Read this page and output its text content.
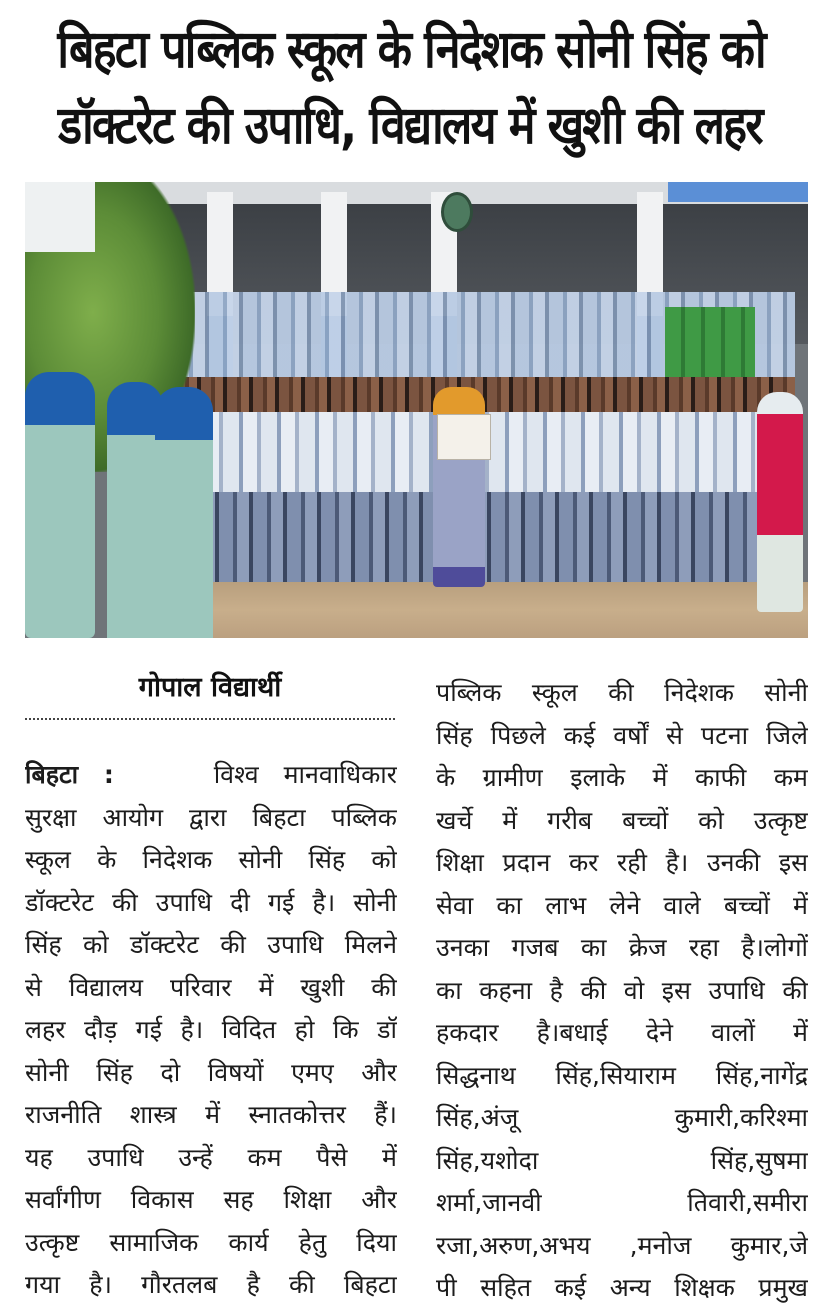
बिहटा पब्लिक स्कूल के निदेशक सोनी सिंह को
डॉक्टरेट की उपाधि, विद्यालय में खुशी की लहर
गोपाल विद्यार्थी
बिहटा :	विश्व मानवाधिकार
सुरक्षा आयोग द्वारा बिहटा पब्लिक
स्कूल के निदेशक सोनी सिंह को
डॉक्टरेट की उपाधि दी गई है। सोनी
सिंह को डॉक्टरेट की उपाधि मिलने
से विद्यालय परिवार में खुशी की
लहर दौड़ गई है। विदित हो कि डॉ
सोनी सिंह दो विषयों एमए और
राजनीति शास्त्र में स्नातकोत्तर हैं।
यह उपाधि उन्हें कम पैसे में
सर्वांगीण विकास सह शिक्षा और
उत्कृष्ट सामाजिक कार्य हेतु दिया
गया है। गौरतलब है की बिहटा
पब्लिक स्कूल की निदेशक सोनी
सिंह पिछले कई वर्षों से पटना जिले
के ग्रामीण इलाके में काफी कम
खर्चे में गरीब बच्चों को उत्कृष्ट
शिक्षा प्रदान कर रही है। उनकी इस
सेवा का लाभ लेने वाले बच्चों में
उनका गजब का क्रेज रहा है।लोगों
का कहना है की वो इस उपाधि की
हकदार है।बधाई देने वालों में
सिद्धनाथ सिंह,सियाराम सिंह,नागेंद्र
सिंह,अंजू कुमारी,करिश्मा
सिंह,यशोदा सिंह,सुषमा
शर्मा,जानवी तिवारी,समीरा
रजा,अरुण,अभय ,मनोज कुमार,जे
पी सहित कई अन्य शिक्षक प्रमुख
